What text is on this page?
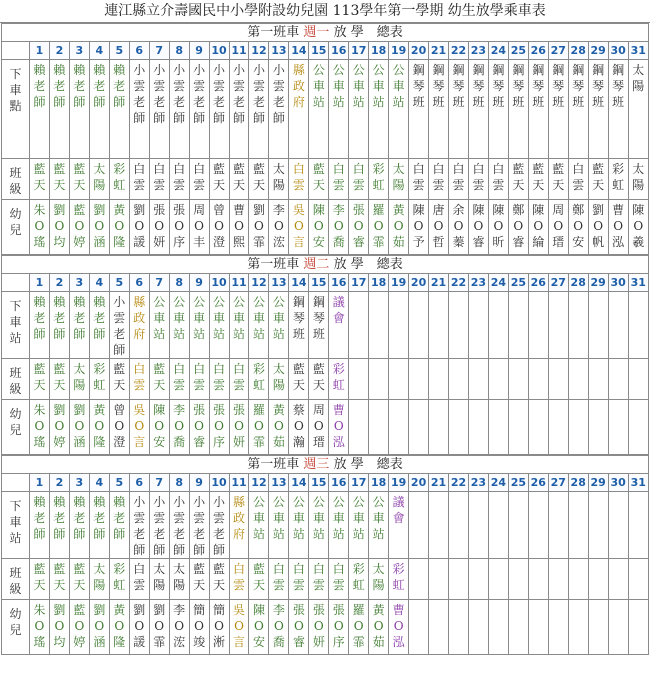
連江縣立介壽國民中小學附設幼兒園 113學年第一學期 幼生放學乘車表
第一班車 週一 放 學　總表																															
	1	2	3	4	5	6	7	8	9	10	11	12	13	14	15	16	17	18	19	20	21	22	23	24	25	26	27	28	29	30	31

下車點	賴老師	賴老師	賴老師	賴老師	賴老師	小雲老師	小雲老師	小雲老師	小雲老師	小雲老師	小雲老師	小雲老師	小雲老師	縣政府	公車站	公車站	公車站	公車站	公車站	鋼琴班	鋼琴班	鋼琴班	鋼琴班	鋼琴班	鋼琴班	鋼琴班	鋼琴班	鋼琴班	鋼琴班	鋼琴班	太陽

班級	藍天	藍天	藍天	太陽	彩虹	白雲	白雲	白雲	白雲	藍天	藍天	藍天	太陽	白雲	藍天	白雲	白雲	彩虹	太陽	白雲	白雲	白雲	白雲	白雲	藍天	藍天	藍天	白雲	藍天	彩虹	太陽

幼兒	朱O瑤	劉O均	藍O婷	劉O涵	黃O隆	劉O諼	張O妍	張O序	周O丰	曾O澄	曹O熙	劉O霏	李O浤	吳O言	陳O安	李O喬	張O睿	羅O霏	黃O茹	陳O予	唐O哲	余O蓁	陳O睿	陳O昕	鄭O睿	陳O綸	周O瑨	鄭O安	劉O帆	曹O泓	陳O羲
第一班車 週二 放 學　總表																															
	1	2	3	4	5	6	7	8	9	10	11	12	13	14	15	16	17	18	19	20	21	22	23	24	25	26	27	28	29	30	31

下車站	賴老師	賴老師	賴老師	賴老師	小雲老師	縣政府	公車站	公車站	公車站	公車站	公車站	公車站	公車站	鋼琴班	鋼琴班	議會															

班級	藍天	藍天	太陽	彩虹	藍天	白雲	藍天	白雲	白雲	白雲	白雲	彩虹	太陽	藍天	藍天	彩虹															

幼兒	朱O瑤	劉O婷	劉O涵	黃O隆	曾O澄	吳O言	陳O安	李O喬	張O睿	張O序	張O妍	羅O霏	黃O茹	蔡O瀚	周O瑨	曹O泓															

第一班車 週三 放 學　總表																															
	1	2	3	4	5	6	7	8	9	10	11	12	13	14	15	16	17	18	19	20	21	22	23	24	25	26	27	28	29	30	31

下車站	賴老師	賴老師	賴老師	賴老師	賴老師	小雲老師	小雲老師	小雲老師	小雲老師	小雲老師	縣政府	公車站	公車站	公車站	公車站	公車站	公車站	公車站	議會												

班級	藍天	藍天	藍天	太陽	彩虹	白雲	太陽	太陽	藍天	藍天	白雲	藍天	白雲	白雲	白雲	白雲	彩虹	太陽	彩虹												

幼兒	朱O瑤	劉O均	藍O婷	劉O涵	黃O隆	劉O諼	劉O霏	李O浤	簡O竣	簡O淅	吳O言	陳O安	李O喬	張O睿	張O妍	張O序	羅O霏	黃O茹	曹O泓												
